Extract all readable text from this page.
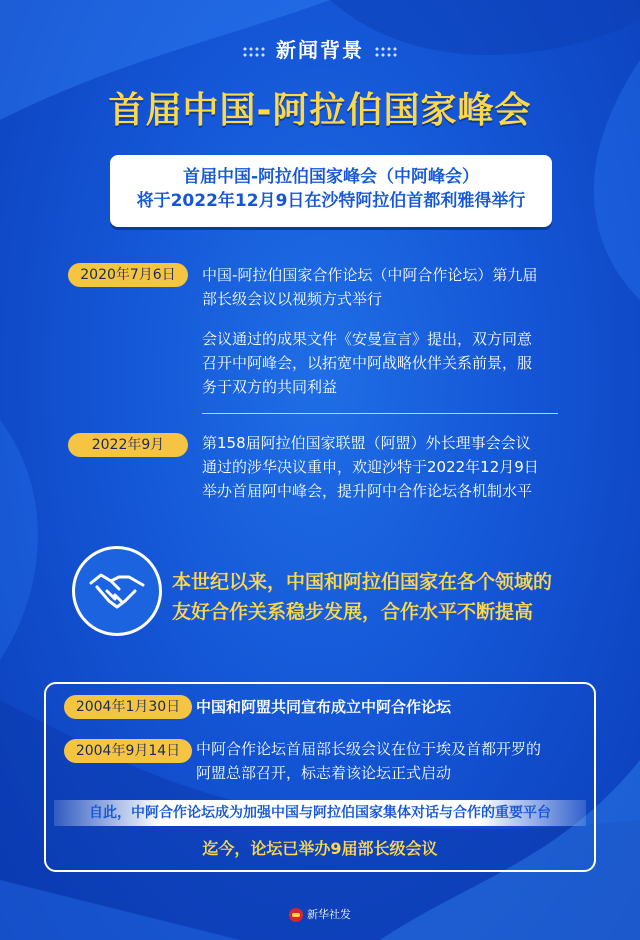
新闻背景
首届中国-阿拉伯国家峰会
首届中国-阿拉伯国家峰会（中阿峰会）
将于2022年12月9日在沙特阿拉伯首都利雅得举行
2020年7月6日	中国-阿拉伯国家合作论坛（中阿合作论坛）第九届
部长级会议以视频方式举行
会议通过的成果文件《安曼宣言》提出，双方同意
召开中阿峰会，以拓宽中阿战略伙伴关系前景，服
务于双方的共同利益
2022年9月	第158届阿拉伯国家联盟（阿盟）外长理事会会议
通过的涉华决议重申，欢迎沙特于2022年12月9日
举办首届阿中峰会，提升阿中合作论坛各机制水平
本世纪以来，中国和阿拉伯国家在各个领域的
友好合作关系稳步发展，合作水平不断提高
2004年1月30日	中国和阿盟共同宣布成立中阿合作论坛
2004年9月14日	中阿合作论坛首届部长级会议在位于埃及首都开罗的
阿盟总部召开，标志着该论坛正式启动
自此，中阿合作论坛成为加强中国与阿拉伯国家集体对话与合作的重要平台
迄今，论坛已举办9届部长级会议
新华社发
